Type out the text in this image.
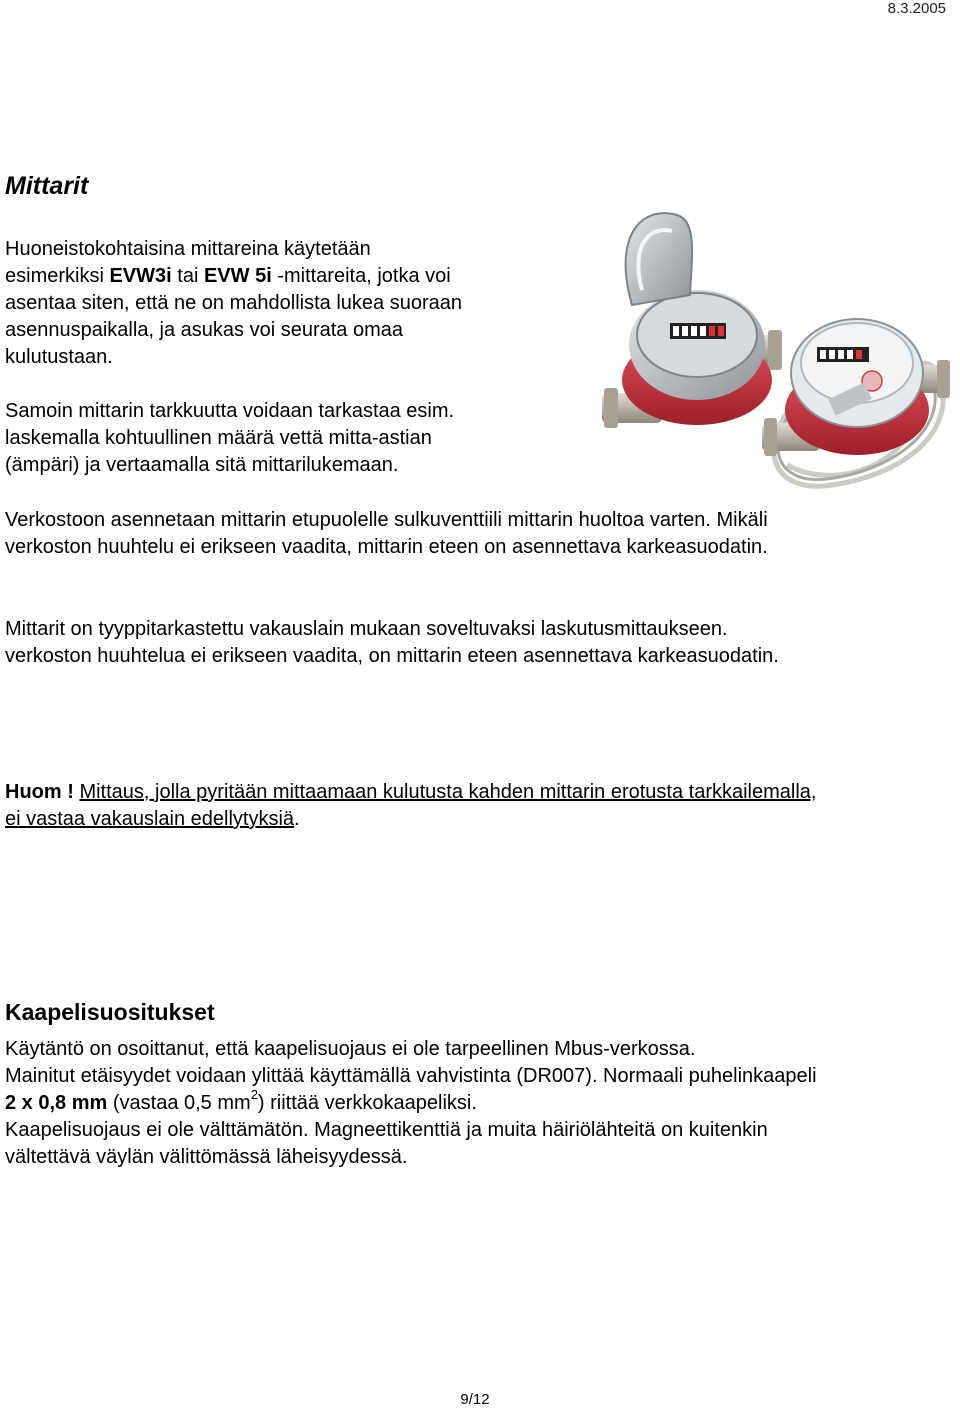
8.3.2005
Mittarit
Huoneistokohtaisina mittareina käytetään
esimerkiksi EVW3i tai EVW 5i -mittareita, jotka voi
asentaa siten, että ne on mahdollista lukea suoraan
asennuspaikalla, ja asukas voi seurata omaa
kulutustaan.
Samoin mittarin tarkkuutta voidaan tarkastaa esim.
laskemalla kohtuullinen määrä vettä mitta-astian
(ämpäri) ja vertaamalla sitä mittarilukemaan.
Verkostoon asennetaan mittarin etupuolelle sulkuventtiili mittarin huoltoa varten. Mikäli
verkoston huuhtelu ei erikseen vaadita, mittarin eteen on asennettava karkeasuodatin.
Mittarit on tyyppitarkastettu vakauslain mukaan soveltuvaksi laskutusmittaukseen.
verkoston huuhtelua ei erikseen vaadita, on mittarin eteen asennettava karkeasuodatin.
Huom ! Mittaus, jolla pyritään mittaamaan kulutusta kahden mittarin erotusta tarkkailemalla,
ei vastaa vakauslain edellytyksiä.
Kaapelisuositukset
Käytäntö on osoittanut, että kaapelisuojaus ei ole tarpeellinen Mbus-verkossa.
Mainitut etäisyydet voidaan ylittää käyttämällä vahvistinta (DR007). Normaali puhelinkaapeli
2 x 0,8 mm (vastaa 0,5 $mm^2$) riittää verkkokaapeliksi.
Kaapelisuojaus ei ole välttämätön. Magneettikenttiä ja muita häiriölähteitä on kuitenkin
vältettävä väylän välittömässä läheisyydessä.
9/12
